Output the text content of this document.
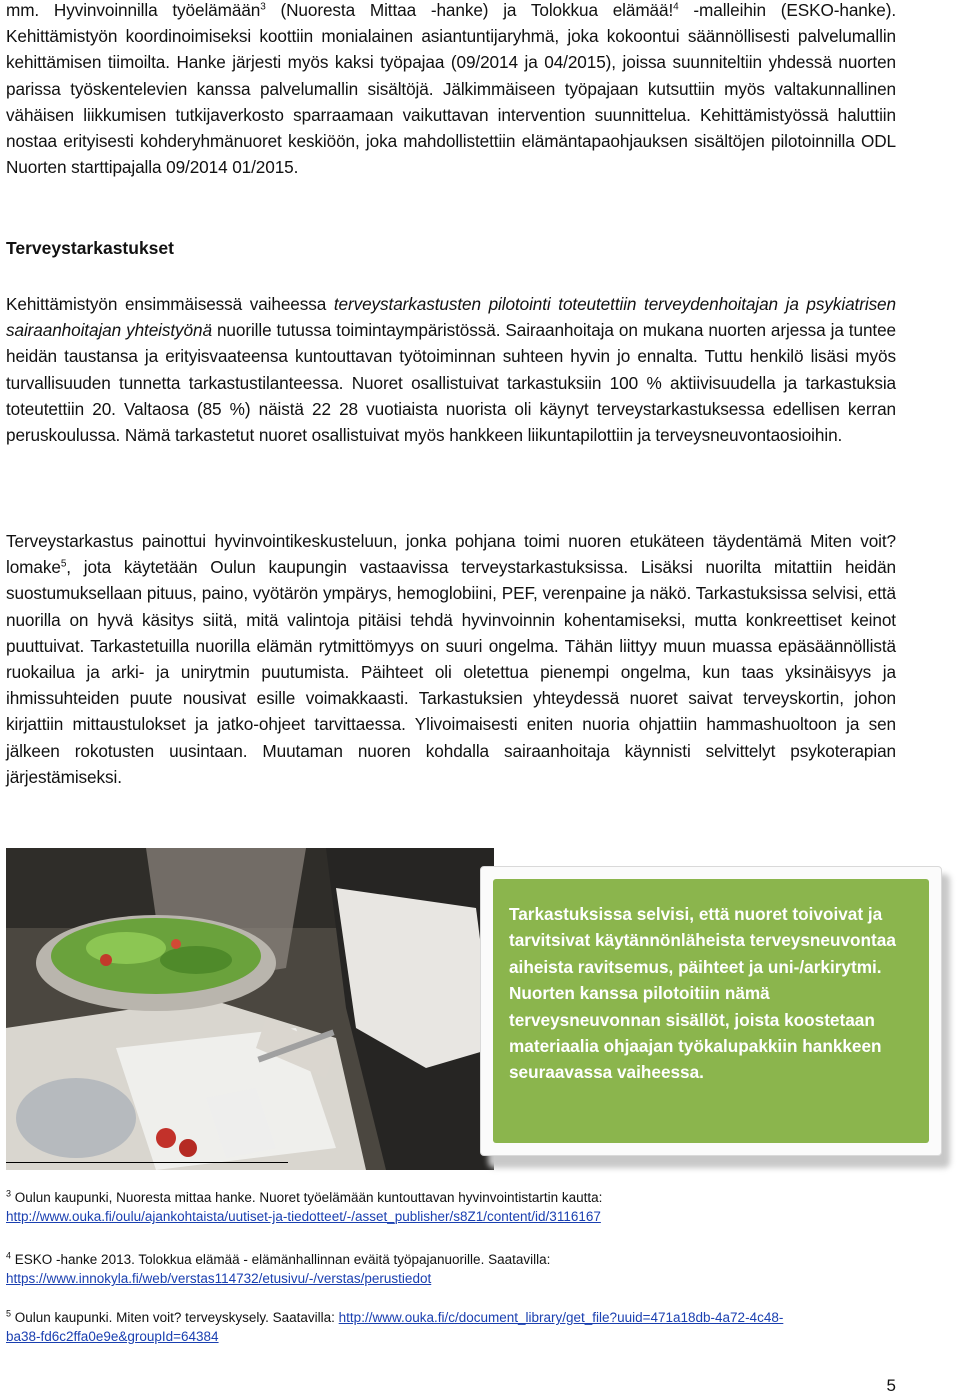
mm. Hyvinvoinnilla työelämään$^3$ (Nuoresta Mittaa -hanke) ja Tolokkua elämää!$^4$ -malleihin (ESKO-hanke). Kehittämistyön koordinoimiseksi koottiin monialainen asiantuntijaryhmä, joka kokoontui säännöllisesti palvelumallin kehittämisen tiimoilta. Hanke järjesti myös kaksi työpajaa (09/2014 ja 04/2015), joissa suunniteltiin yhdessä nuorten parissa työskentelevien kanssa palvelumallin sisältöjä. Jälkimmäiseen työpajaan kutsuttiin myös valtakunnallinen vähäisen liikkumisen tutkijaverkosto sparraamaan vaikuttavan intervention suunnittelua. Kehittämistyössä haluttiin nostaa erityisesti kohderyhmänuoret keskiöön, joka mahdollistettiin elämäntapaohjauksen sisältöjen pilotoinnilla ODL Nuorten starttipajalla 09/2014 01/2015.

Terveystarkastukset

Kehittämistyön ensimmäisessä vaiheessa terveystarkastusten pilotointi toteutettiin terveydenhoitajan ja psykiatrisen sairaanhoitajan yhteistyönä nuorille tutussa toimintaympäristössä. Sairaanhoitaja on mukana nuorten arjessa ja tuntee heidän taustansa ja erityisvaateensa kuntouttavan työtoiminnan suhteen hyvin jo ennalta. Tuttu henkilö lisäsi myös turvallisuuden tunnetta tarkastustilanteessa. Nuoret osallistuivat tarkastuksiin 100 % aktiivisuudella ja tarkastuksia toteutettiin 20. Valtaosa (85 %) näistä 22 28 vuotiaista nuorista oli käynyt terveystarkastuksessa edellisen kerran peruskoulussa. Nämä tarkastetut nuoret osallistuivat myös hankkeen liikuntapilottiin ja terveysneuvontaosioihin.

Terveystarkastus painottui hyvinvointikeskusteluun, jonka pohjana toimi nuoren etukäteen täydentämä Miten voit? lomake$^5$, jota käytetään Oulun kaupungin vastaavissa terveystarkastuksissa. Lisäksi nuorilta mitattiin heidän suostumuksellaan pituus, paino, vyötärön ympärys, hemoglobiini, PEF, verenpaine ja näkö. Tarkastuksissa selvisi, että nuorilla on hyvä käsitys siitä, mitä valintoja pitäisi tehdä hyvinvoinnin kohentamiseksi, mutta konkreettiset keinot puuttuivat. Tarkastetuilla nuorilla elämän rytmittömyys on suuri ongelma. Tähän liittyy muun muassa epäsäännöllistä ruokailua ja arki- ja unirytmin puutumista. Päihteet oli oletettua pienempi ongelma, kun taas yksinäisyys ja ihmissuhteiden puute nousivat esille voimakkaasti. Tarkastuksien yhteydessä nuoret saivat terveyskortin, johon kirjattiin mittaustulokset ja jatko-ohjeet tarvittaessa. Ylivoimaisesti eniten nuoria ohjattiin hammashuoltoon ja sen jälkeen rokotusten uusintaan. Muutaman nuoren kohdalla sairaanhoitaja käynnisti selvittelyt psykoterapian järjestämiseksi.

Tarkastuksissa selvisi, että nuoret toivoivat ja tarvitsivat käytännönläheista terveysneuvontaa aiheista ravitsemus, päihteet ja uni-/arkirytmi. Nuorten kanssa pilotoitiin nämä terveysneuvonnan sisällöt, joista koostetaan materiaalia ohjaajan työkalupakkiin hankkeen seuraavassa vaiheessa.

$^3$ Oulun kaupunki, Nuoresta mittaa hanke. Nuoret työelämään kuntouttavan hyvinvointistartin kautta:
http://www.ouka.fi/oulu/ajankohtaista/uutiset-ja-tiedotteet/-/asset_publisher/s8Z1/content/id/3116167

$^4$ ESKO -hanke 2013. Tolokkua elämää - elämänhallinnan eväitä työpajanuorille. Saatavilla:
https://www.innokyla.fi/web/verstas114732/etusivu/-/verstas/perustiedot

$^5$ Oulun kaupunki. Miten voit? terveyskysely. Saatavilla: http://www.ouka.fi/c/document_library/get_file?uuid=471a18db-4a72-4c48-
ba38-fd6c2ffa0e9e&groupId=64384

5
